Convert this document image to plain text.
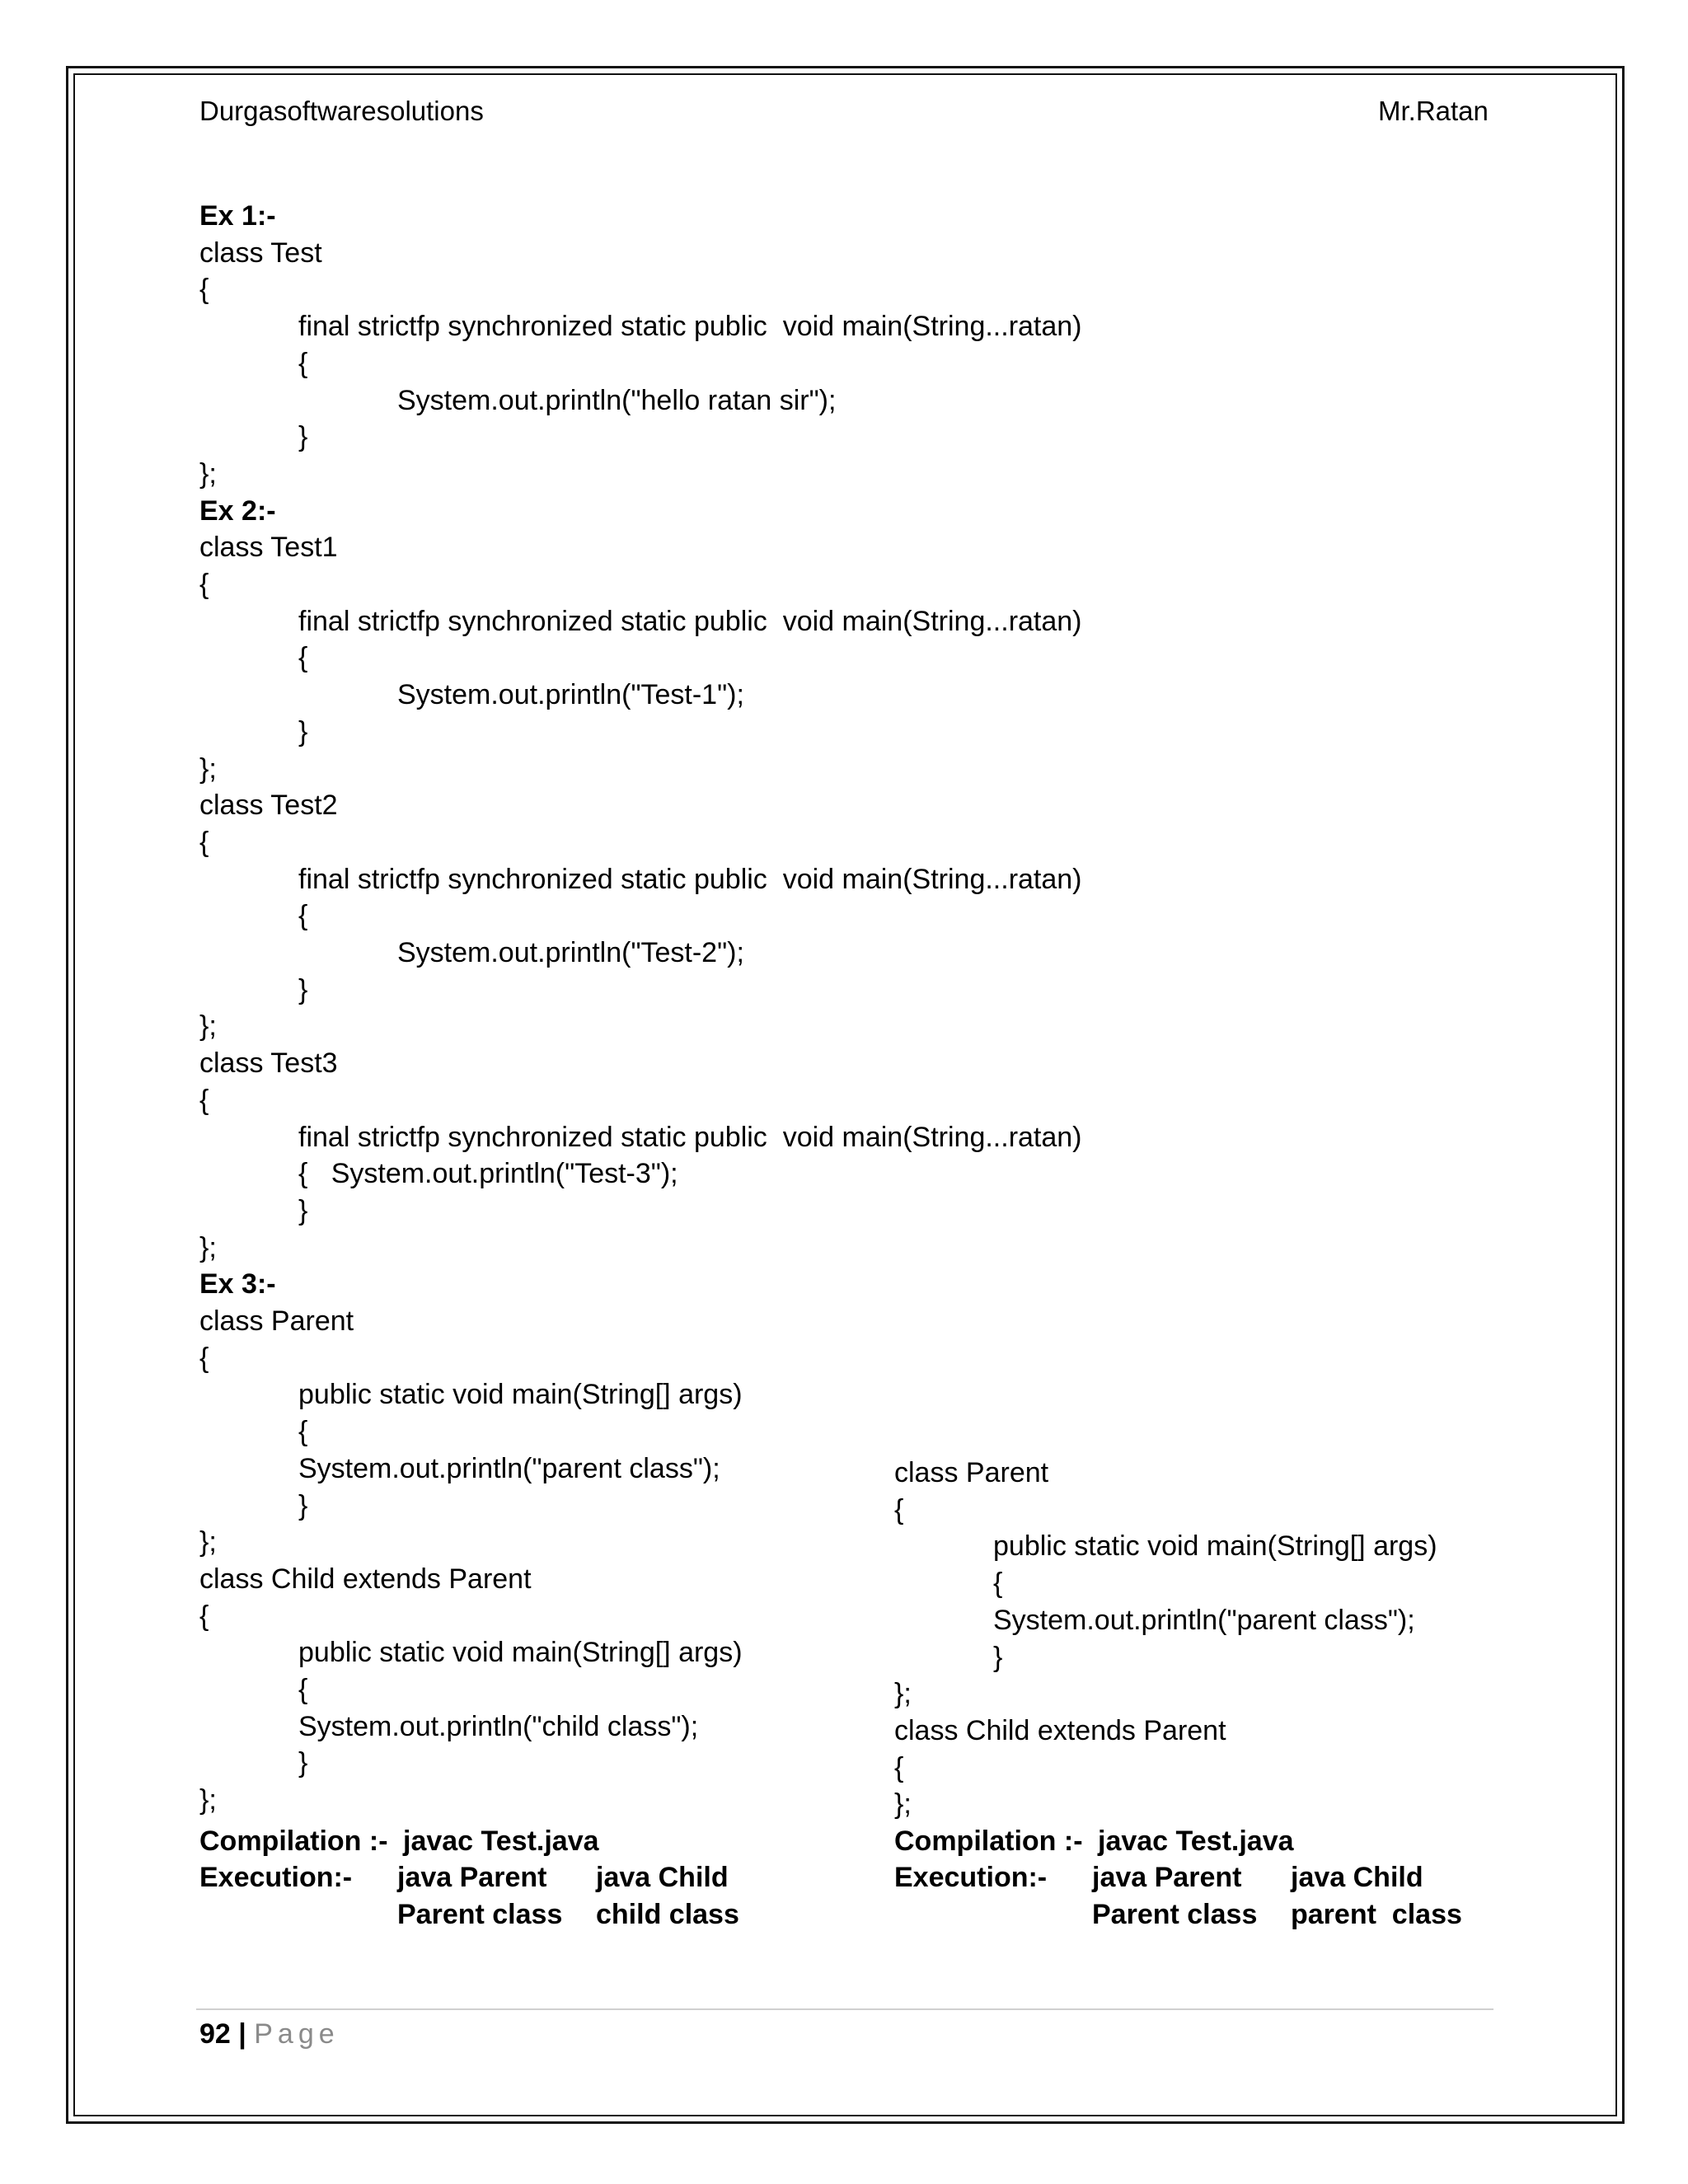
Durgasoftwaresolutions	Mr.Ratan
Ex 1:-
class Test
{
final strictfp synchronized static public  void main(String...ratan)
{
System.out.println("hello ratan sir");
}
};
Ex 2:-
class Test1
{
final strictfp synchronized static public  void main(String...ratan)
{
System.out.println("Test-1");
}
};
class Test2
{
final strictfp synchronized static public  void main(String...ratan)
{
System.out.println("Test-2");
}
};
class Test3
{
final strictfp synchronized static public  void main(String...ratan)
{   System.out.println("Test-3");
}
};
Ex 3:-
class Parent
{
public static void main(String[] args)
{
System.out.println("parent class");
}
};
class Child extends Parent
{
public static void main(String[] args)
{
System.out.println("child class");
}
};
class Parent
{
public static void main(String[] args)
{
System.out.println("parent class");
}
};
class Child extends Parent
{
};
Compilation :- javac Test.java
Execution:- java Parent java Child
Parent class child class
Compilation :- javac Test.java
Execution:- java Parent java Child
Parent class parent  class
92 | Page
